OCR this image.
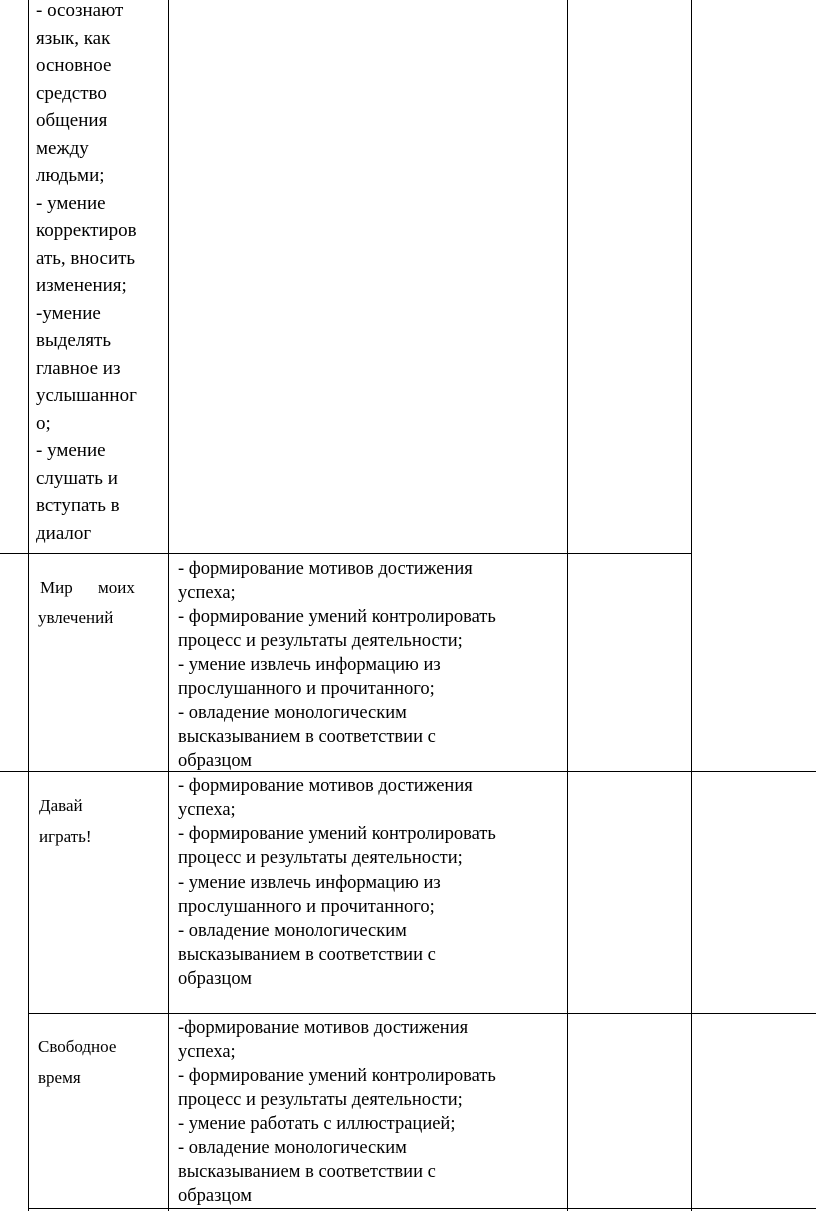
- осознают
язык, как
основное
средство
общения
между
людьми;
- умение
корректиров
ать, вносить
изменения;
-умение
выделять
главное из
услышанног
о;
- умение
слушать и
вступать в
диалог
Мир моих
увлечений
- формирование мотивов достижения
успеха;
- формирование умений контролировать
процесс и результаты деятельности;
- умение извлечь информацию из
прослушанного и прочитанного;
- овладение монологическим
высказыванием в соответствии с
образцом
Давай
играть!
- формирование мотивов достижения
успеха;
- формирование умений контролировать
процесс и результаты деятельности;
- умение извлечь информацию из
прослушанного и прочитанного;
- овладение монологическим
высказыванием в соответствии с
образцом
Свободное
время
-формирование мотивов достижения
успеха;
- формирование умений контролировать
процесс и результаты деятельности;
- умение работать с иллюстрацией;
- овладение монологическим
высказыванием в соответствии с
образцом
